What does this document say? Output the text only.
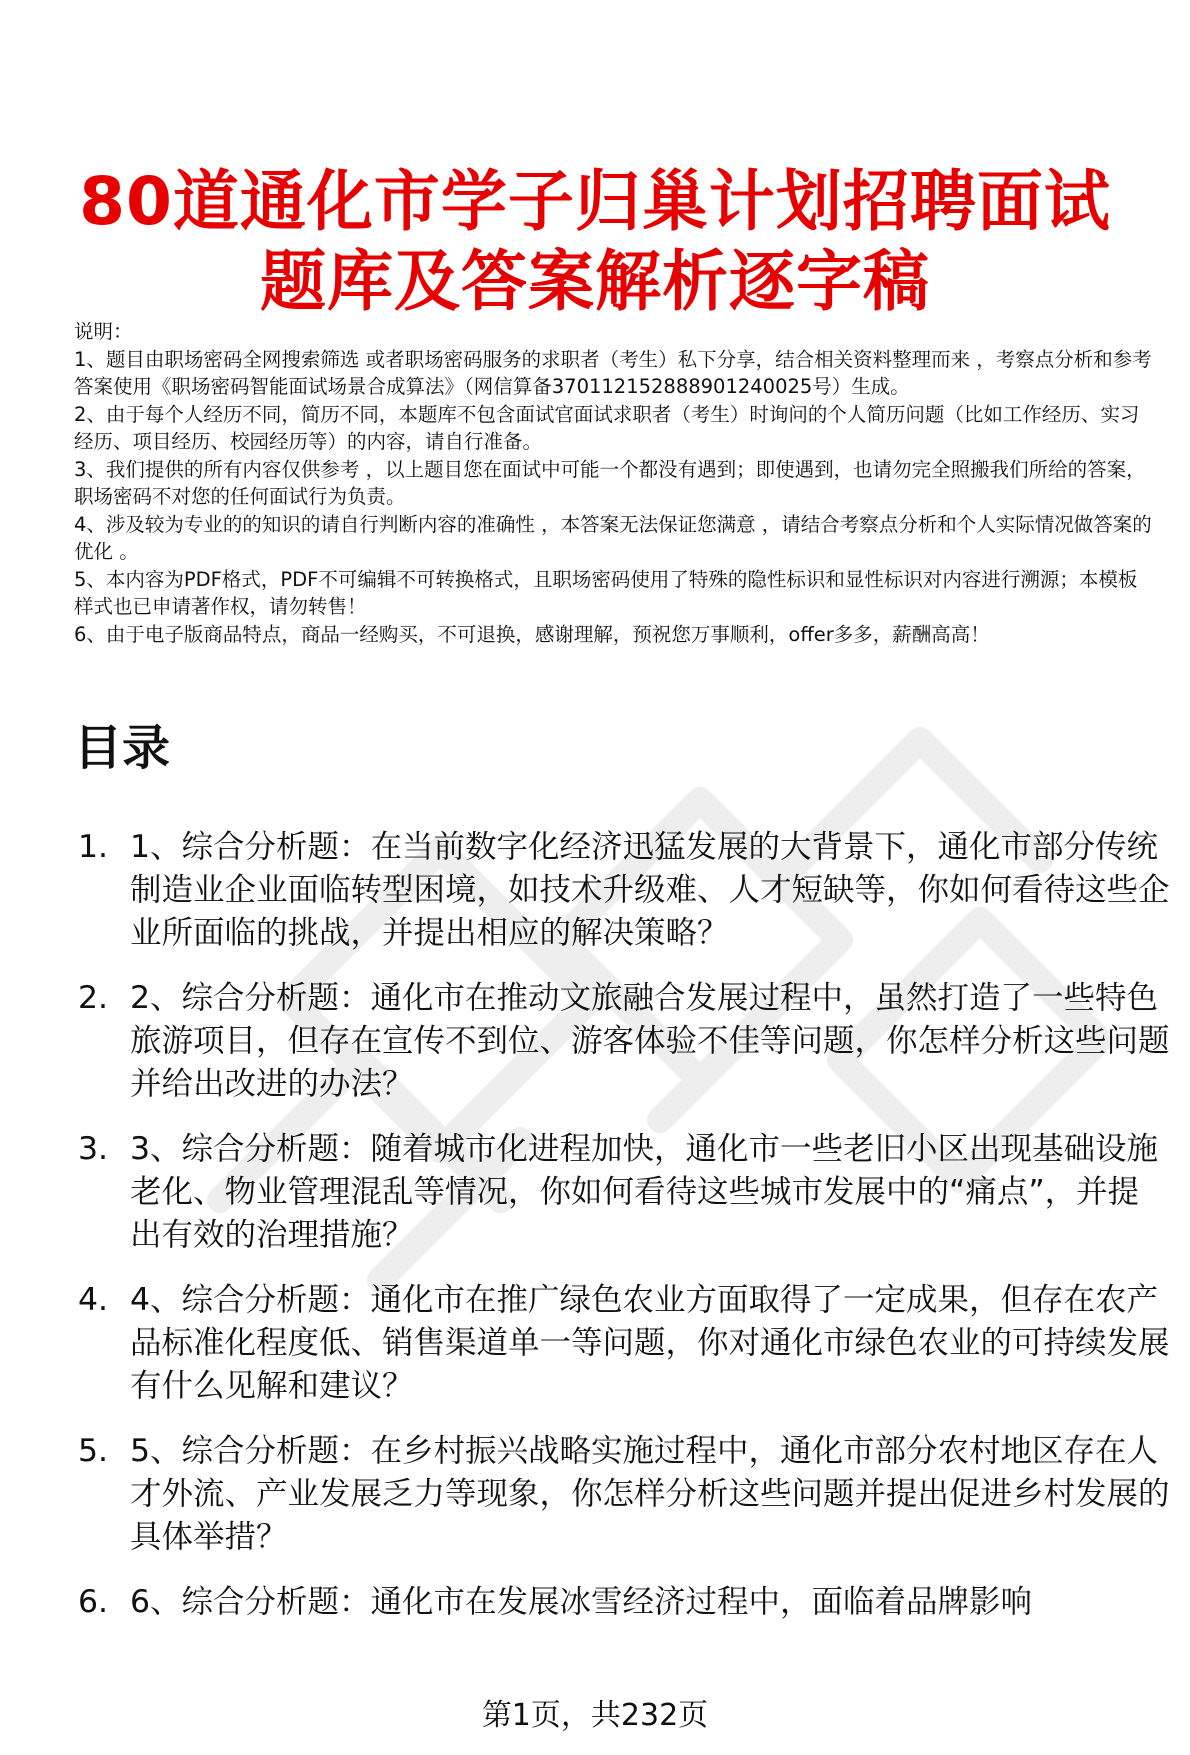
80道通化市学子归巢计划招聘面试
题库及答案解析逐字稿

说明：

1、题目由职场密码全网搜索筛选 或者职场密码服务的求职者（考生）私下分享，结合相关资料整理而来 ，考察点分析和参考答案使用《职场密码智能面试场景合成算法》（网信算备370112152888901240025号）生成。

2、由于每个人经历不同，简历不同，本题库不包含面试官面试求职者（考生）时询问的个人简历问题（比如工作经历、实习经历、项目经历、校园经历等）的内容，请自行准备。

3、我们提供的所有内容仅供参考 ，以上题目您在面试中可能一个都没有遇到；即使遇到，也请勿完全照搬我们所给的答案，职场密码不对您的任何面试行为负责。

4、涉及较为专业的的知识的请自行判断内容的准确性 ，本答案无法保证您满意 ，请结合考察点分析和个人实际情况做答案的优化 。

5、本内容为PDF格式，PDF不可编辑不可转换格式，且职场密码使用了特殊的隐性标识和显性标识对内容进行溯源；本模板样式也已申请著作权，请勿转售！

6、由于电子版商品特点，商品一经购买，不可退换，感谢理解，预祝您万事顺利，offer多多，薪酬高高！

目录
1. 1、综合分析题：在当前数字化经济迅猛发展的大背景下，通化市部分传统制造业企业面临转型困境，如技术升级难、人才短缺等，你如何看待这些企业所面临的挑战，并提出相应的解决策略？
2. 2、综合分析题：通化市在推动文旅融合发展过程中，虽然打造了一些特色旅游项目，但存在宣传不到位、游客体验不佳等问题，你怎样分析这些问题并给出改进的办法？
3. 3、综合分析题：随着城市化进程加快，通化市一些老旧小区出现基础设施老化、物业管理混乱等情况，你如何看待这些城市发展中的“痛点”，并提出有效的治理措施？
4. 4、综合分析题：通化市在推广绿色农业方面取得了一定成果，但存在农产品标准化程度低、销售渠道单一等问题，你对通化市绿色农业的可持续发展有什么见解和建议？
5. 5、综合分析题：在乡村振兴战略实施过程中，通化市部分农村地区存在人才外流、产业发展乏力等现象，你怎样分析这些问题并提出促进乡村发展的具体举措？
6. 6、综合分析题：通化市在发展冰雪经济过程中，面临着品牌影响
第1页，共232页
